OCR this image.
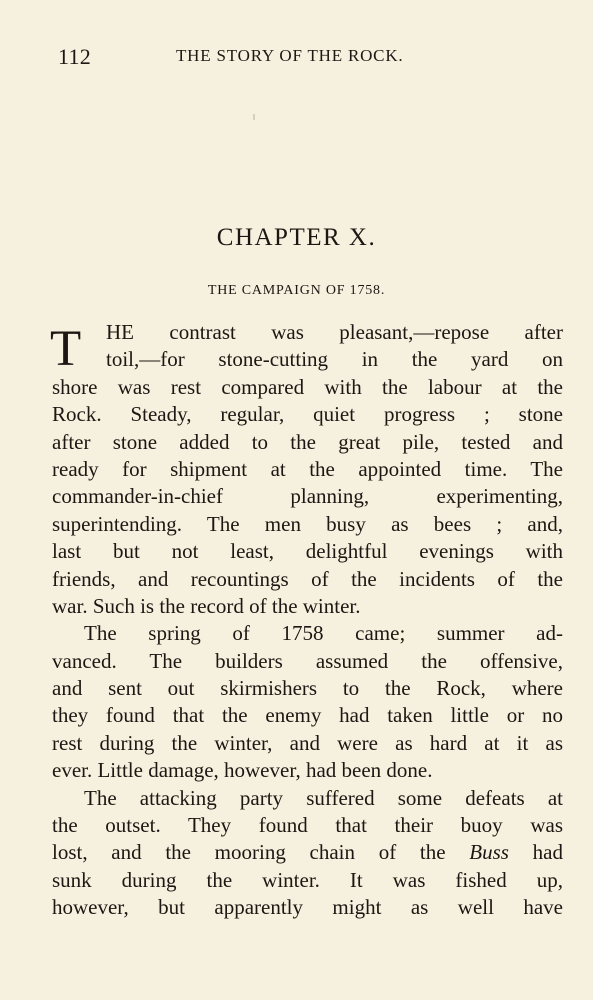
112	THE STORY OF THE ROCK.
CHAPTER X.
THE CAMPAIGN OF 1758.
T	HE contrast was pleasant,—repose after
toil,—for stone-cutting in the yard on
shore was rest compared with the labour at the
Rock. Steady, regular, quiet progress ; stone
after stone added to the great pile, tested and
ready for shipment at the appointed time. The
commander-in-chief planning, experimenting,
superintending. The men busy as bees ; and,
last but not least, delightful evenings with
friends, and recountings of the incidents of the
war. Such is the record of the winter.
The spring of 1758 came; summer ad-
vanced. The builders assumed the offensive,
and sent out skirmishers to the Rock, where
they found that the enemy had taken little or no
rest during the winter, and were as hard at it as
ever. Little damage, however, had been done.
The attacking party suffered some defeats at
the outset. They found that their buoy was
lost, and the mooring chain of the Buss had
sunk during the winter. It was fished up,
however, but apparently might as well have
